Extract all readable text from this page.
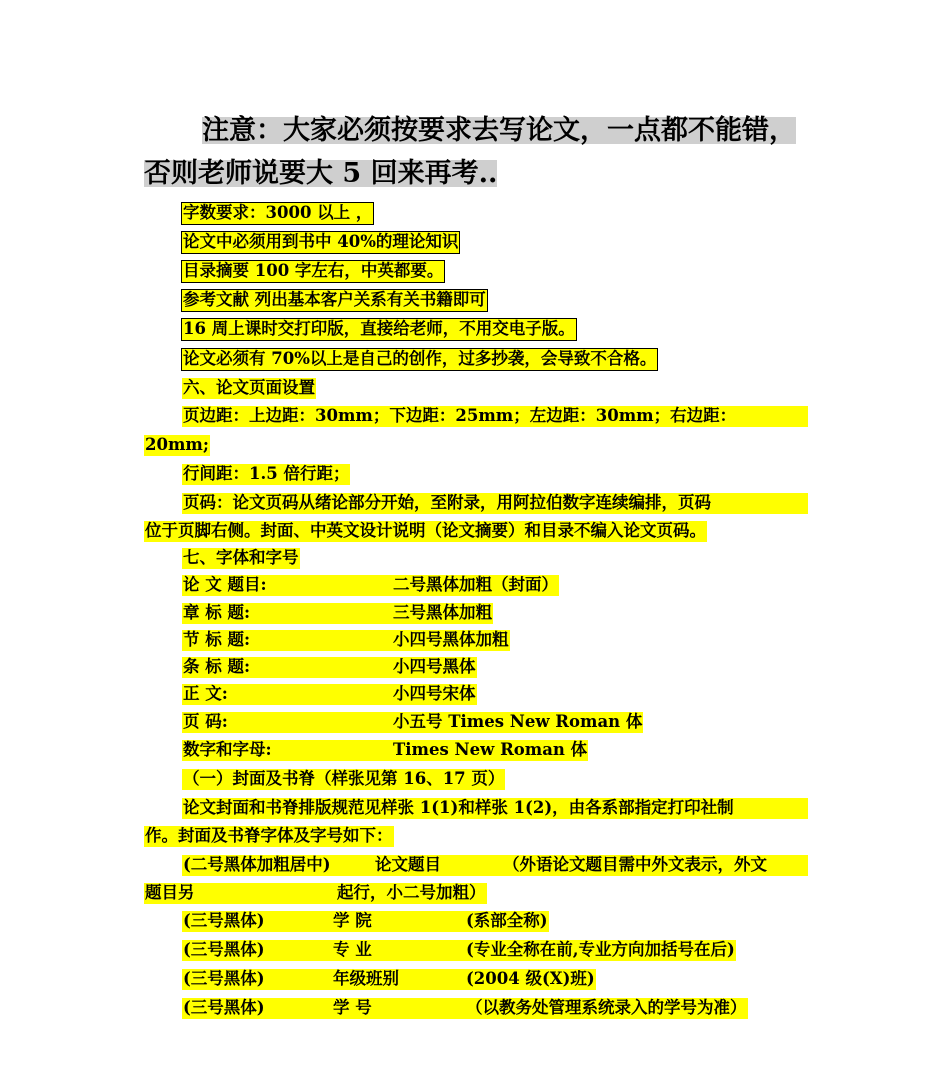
注意：大家必须按要求去写论文，一点都不能错，
否则老师说要大 5 回来再考..
字数要求：3000 以上 ，
论文中必须用到书中 40%的理论知识
目录摘要 100 字左右，中英都要。
参考文献 列出基本客户关系有关书籍即可
16 周上课时交打印版，直接给老师，不用交电子版。
论文必须有 70%以上是自己的创作，过多抄袭，会导致不合格。
六、论文页面设置
页边距：上边距：30mm；下边距：25mm；左边距：30mm；右边距：
20mm;
行间距：1.5 倍行距；
页码：论文页码从绪论部分开始，至附录，用阿拉伯数字连续编排，页码
位于页脚右侧。封面、中英文设计说明（论文摘要）和目录不编入论文页码。
七、字体和字号
论 文 题目:	二号黑体加粗（封面）
章 标 题:	三号黑体加粗
节 标 题:	小四号黑体加粗
条 标 题:	小四号黑体
正 文:	小四号宋体
页 码:	小五号 Times New Roman 体
数字和字母:	Times New Roman 体
（一）封面及书脊（样张见第 16、17 页）
论文封面和书脊排版规范见样张 1(1)和样张 1(2)，由各系部指定打印社制
作。封面及书脊字体及字号如下：
(二号黑体加粗居中)	论文题目	（外语论文题目需中外文表示，外文
题目另	起行，小二号加粗）
(三号黑体)	学 院	(系部全称)
(三号黑体)	专 业	(专业全称在前,专业方向加括号在后)
(三号黑体)	年级班别	(2004 级(X)班)
(三号黑体)	学 号	（以教务处管理系统录入的学号为准）
